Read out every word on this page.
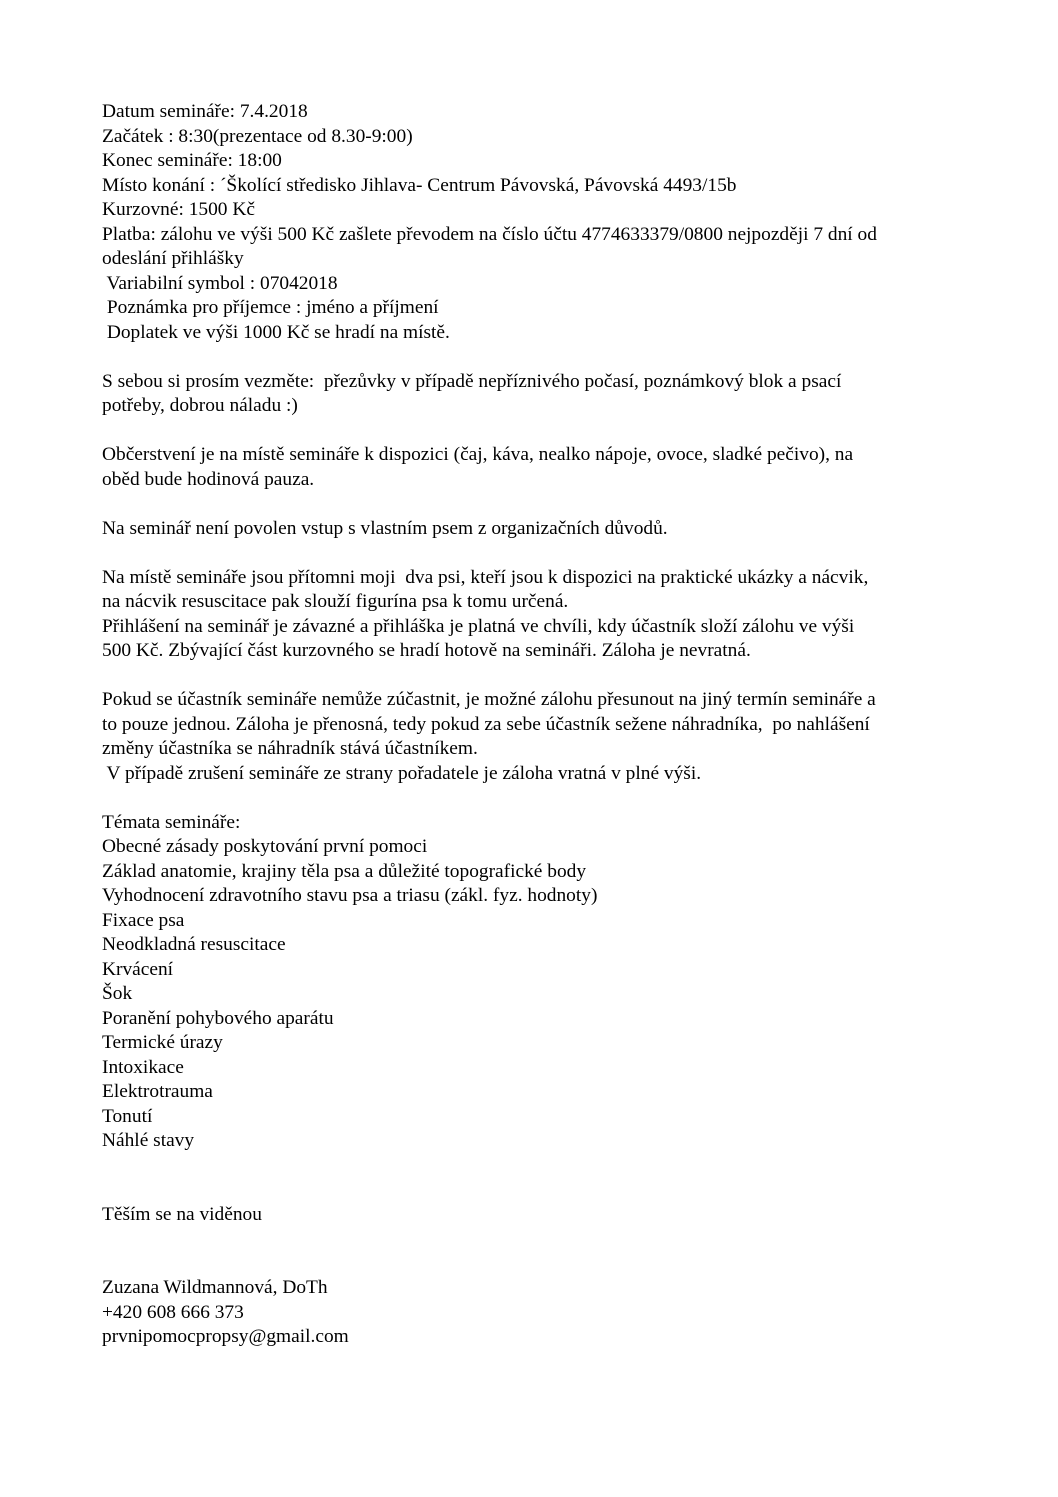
Datum semináře: 7.4.2018
Začátek : 8:30(prezentace od 8.30-9:00)
Konec semináře: 18:00
Místo konání : ´Školící středisko Jihlava- Centrum Pávovská, Pávovská 4493/15b
Kurzovné: 1500 Kč
Platba: zálohu ve výši 500 Kč zašlete převodem na číslo účtu 4774633379/0800 nejpozději 7 dní od
odeslání přihlášky
Variabilní symbol : 07042018
Poznámka pro příjemce : jméno a příjmení
Doplatek ve výši 1000 Kč se hradí na místě.
S sebou si prosím vezměte:  přezůvky v případě nepříznivého počasí, poznámkový blok a psací
potřeby, dobrou náladu :)
Občerstvení je na místě semináře k dispozici (čaj, káva, nealko nápoje, ovoce, sladké pečivo), na
oběd bude hodinová pauza.
Na seminář není povolen vstup s vlastním psem z organizačních důvodů.
Na místě semináře jsou přítomni moji  dva psi, kteří jsou k dispozici na praktické ukázky a nácvik,
na nácvik resuscitace pak slouží figurína psa k tomu určená.
Přihlášení na seminář je závazné a přihláška je platná ve chvíli, kdy účastník složí zálohu ve výši
500 Kč. Zbývající část kurzovného se hradí hotově na semináři. Záloha je nevratná.
Pokud se účastník semináře nemůže zúčastnit, je možné zálohu přesunout na jiný termín semináře a
to pouze jednou. Záloha je přenosná, tedy pokud za sebe účastník sežene náhradníka,  po nahlášení
změny účastníka se náhradník stává účastníkem.
V případě zrušení semináře ze strany pořadatele je záloha vratná v plné výši.
Témata semináře:
Obecné zásady poskytování první pomoci
Základ anatomie, krajiny těla psa a důležité topografické body
Vyhodnocení zdravotního stavu psa a triasu (zákl. fyz. hodnoty)
Fixace psa
Neodkladná resuscitace
Krvácení
Šok
Poranění pohybového aparátu
Termické úrazy
Intoxikace
Elektrotrauma
Tonutí
Náhlé stavy
Těším se na viděnou
Zuzana Wildmannová, DoTh
+420 608 666 373
prvnipomocpropsy@gmail.com
